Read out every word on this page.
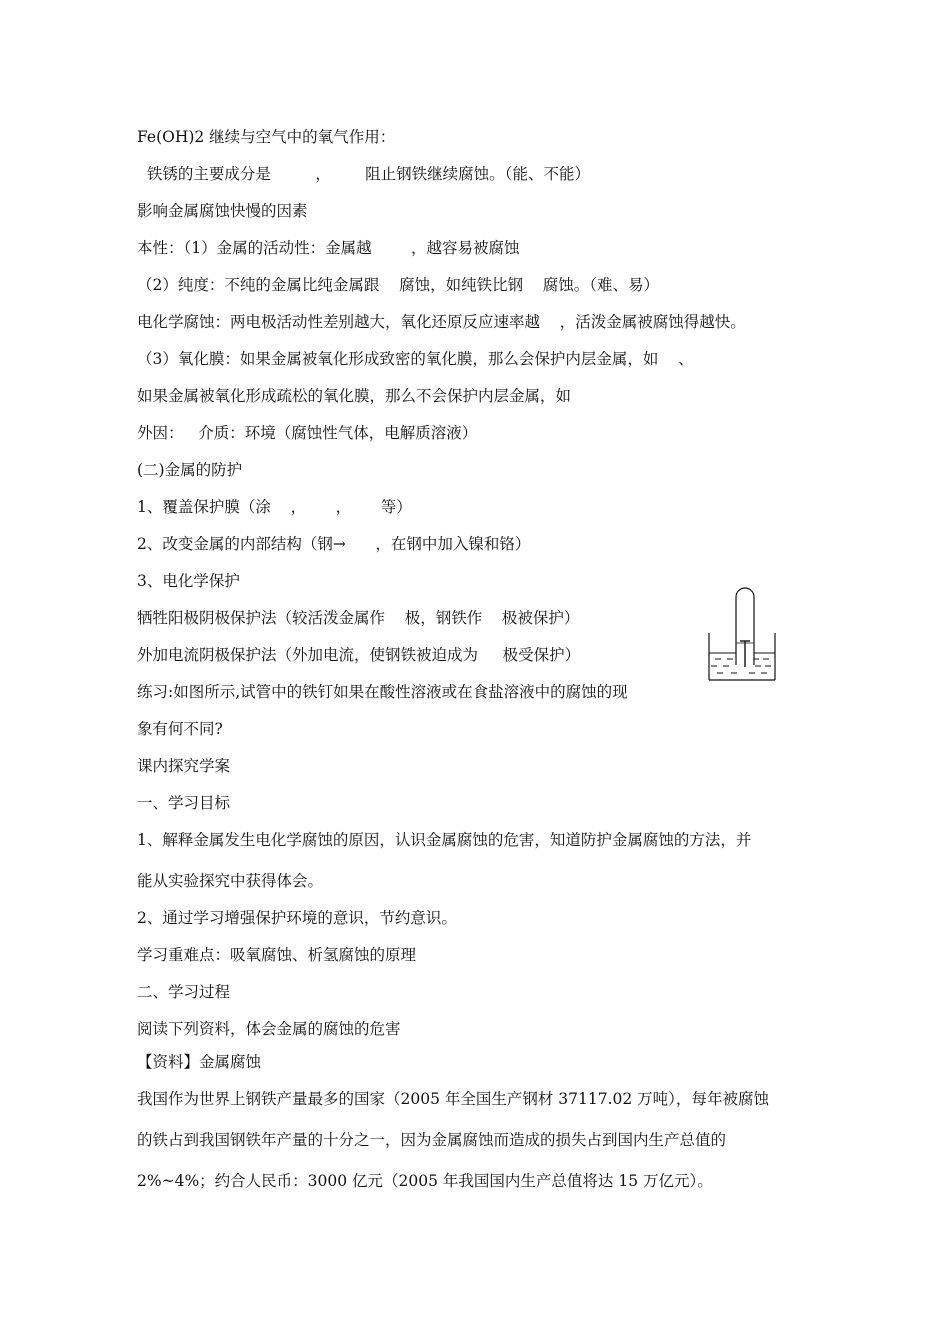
Fe(OH)2 继续与空气中的氧气作用：
铁锈的主要成分是         ，       阻止钢铁继续腐蚀。（能、不能）
影响金属腐蚀快慢的因素
本性：（1）金属的活动性：金属越        ，越容易被腐蚀
（2）纯度：不纯的金属比纯金属跟    腐蚀，如纯铁比钢    腐蚀。（难、易）
电化学腐蚀：两电极活动性差别越大，氧化还原反应速率越    ，活泼金属被腐蚀得越快。
（3）氧化膜：如果金属被氧化形成致密的氧化膜，那么会保护内层金属，如    、
如果金属被氧化形成疏松的氧化膜，那么不会保护内层金属，如
外因：   介质：环境（腐蚀性气体，电解质溶液）
(二)金属的防护
1、覆盖保护膜（涂    ，      ，      等）
2、改变金属的内部结构（钢→      ，在钢中加入镍和铬）
3、电化学保护
牺牲阳极阴极保护法（较活泼金属作    极，钢铁作    极被保护）
外加电流阴极保护法（外加电流，使钢铁被迫成为     极受保护）
练习:如图所示,试管中的铁钉如果在酸性溶液或在食盐溶液中的腐蚀的现
象有何不同?
课内探究学案
一、学习目标
1、解释金属发生电化学腐蚀的原因，认识金属腐蚀的危害，知道防护金属腐蚀的方法，并
能从实验探究中获得体会。
2、通过学习增强保护环境的意识，节约意识。
学习重难点：吸氧腐蚀、析氢腐蚀的原理
二、学习过程
阅读下列资料，体会金属的腐蚀的危害
【资料】金属腐蚀
我国作为世界上钢铁产量最多的国家（2005 年全国生产钢材 37117.02 万吨），每年被腐蚀
的铁占到我国钢铁年产量的十分之一，因为金属腐蚀而造成的损失占到国内生产总值的
2%~4%；约合人民币：3000 亿元（2005 年我国国内生产总值将达 15 万亿元）。
